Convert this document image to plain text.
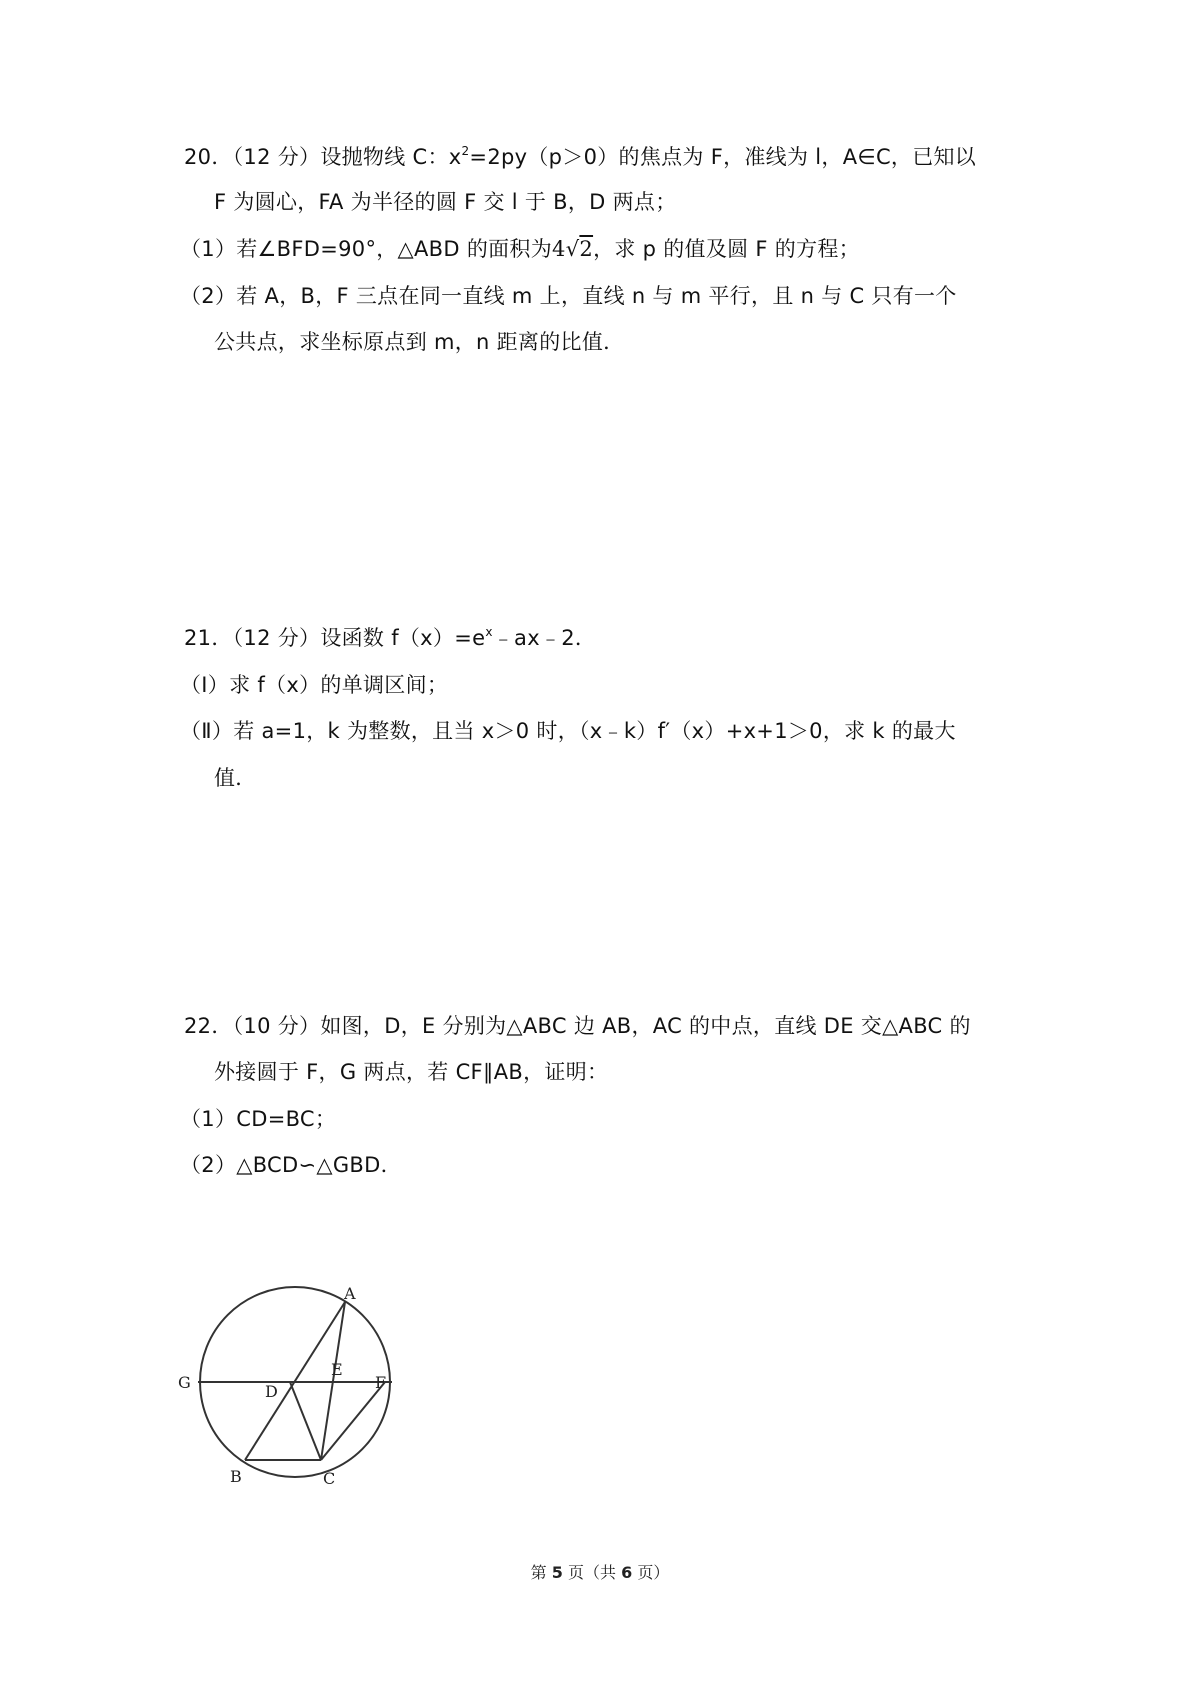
20．（12 分）设抛物线 C：$x^2=2py(p>0)$的焦点为 F，准线为 l，A∈C，已知以
F 为圆心，FA 为半径的圆 F 交 l 于 B，D 两点；
（1）若∠BFD=90°，△ABD 的面积为4√2，求 p 的值及圆 F 的方程；
（2）若 A，B，F 三点在同一直线 m 上，直线 n 与 m 平行，且 n 与 C 只有一个
公共点，求坐标原点到 m，n 距离的比值．
21．（12 分）设函数 $f(x)=e^x﹣ax﹣2$．
（Ⅰ）求 f（x）的单调区间；
（Ⅱ）若 a=1，k 为整数，且当 x＞0 时，（x﹣k）f′（x）+x+1＞0，求 k 的最大
值．
22．（10 分）如图，D，E 分别为△ABC 边 AB，AC 的中点，直线 DE 交△ABC 的
外接圆于 F，G 两点，若 CF∥AB，证明：
（1）CD=BC；
（2）△BCD∽△GBD．
A
G
E
F
D
B	C
第 5 页（共 6 页）
